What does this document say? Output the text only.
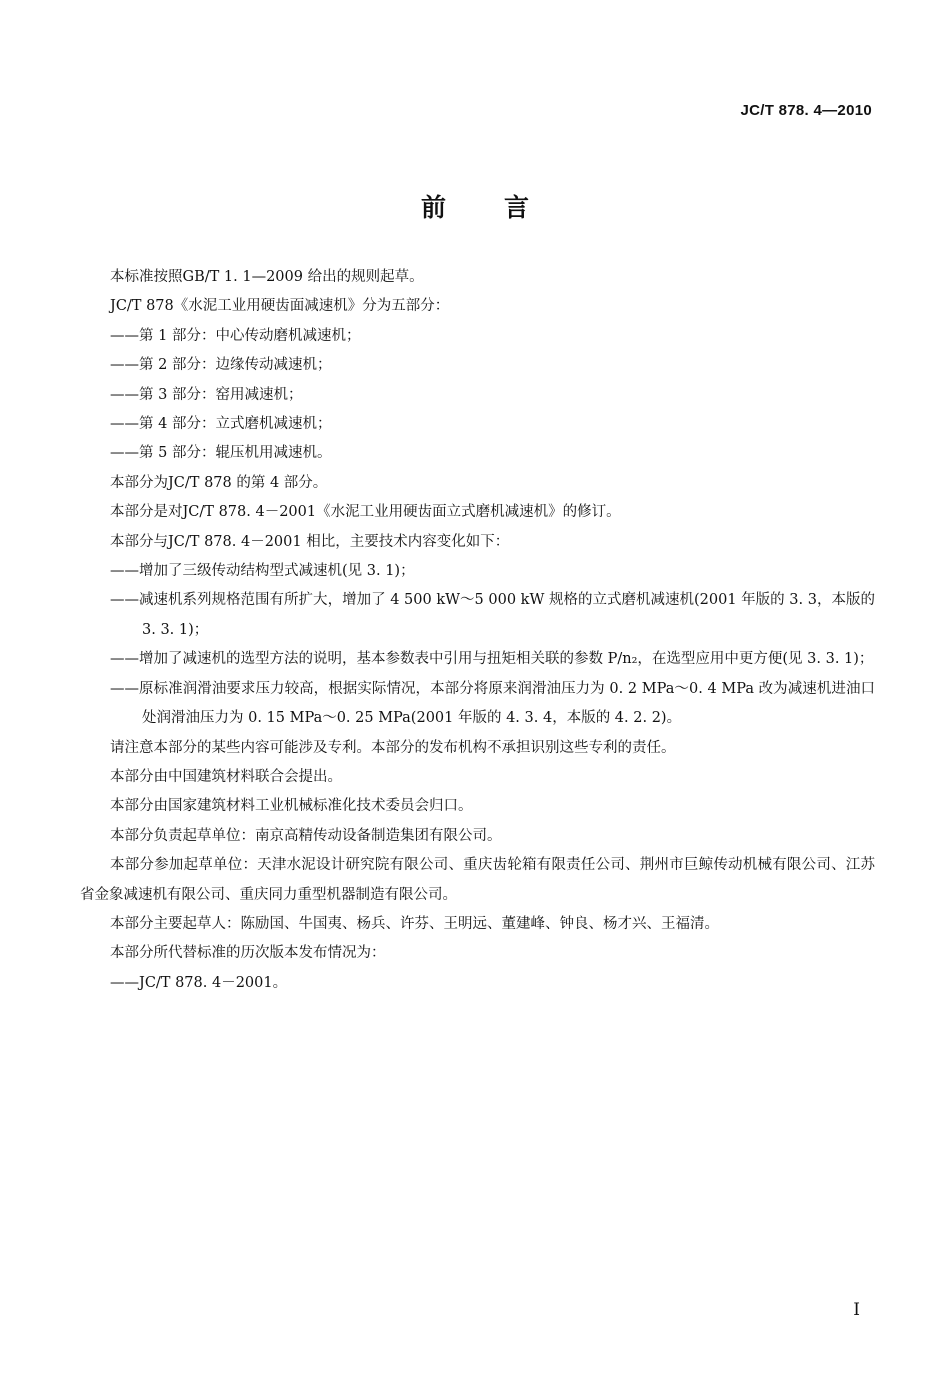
JC/T 878. 4—2010
前言

本标准按照GB/T 1. 1—2009 给出的规则起草。

JC/T 878《水泥工业用硬齿面减速机》分为五部分：

——第 1 部分：中心传动磨机减速机；

——第 2 部分：边缘传动减速机；

——第 3 部分：窑用减速机；

——第 4 部分：立式磨机减速机；

——第 5 部分：辊压机用减速机。

本部分为JC/T 878 的第 4 部分。

本部分是对JC/T 878. 4－2001《水泥工业用硬齿面立式磨机减速机》的修订。

本部分与JC/T 878. 4－2001 相比，主要技术内容变化如下：

——增加了三级传动结构型式减速机(见 3. 1)；

——减速机系列规格范围有所扩大，增加了 4 500 kW～5 000 kW 规格的立式磨机减速机(2001 年版的 3. 3，本版的 3. 3. 1)；

——增加了减速机的选型方法的说明，基本参数表中引用与扭矩相关联的参数 P/n₂，在选型应用中更方便(见 3. 3. 1)；

——原标准润滑油要求压力较高，根据实际情况，本部分将原来润滑油压力为 0. 2 MPa～0. 4 MPa 改为减速机进油口处润滑油压力为 0. 15 MPa～0. 25 MPa(2001 年版的 4. 3. 4，本版的 4. 2. 2)。

请注意本部分的某些内容可能涉及专利。本部分的发布机构不承担识别这些专利的责任。

本部分由中国建筑材料联合会提出。

本部分由国家建筑材料工业机械标准化技术委员会归口。

本部分负责起草单位：南京高精传动设备制造集团有限公司。

本部分参加起草单位：天津水泥设计研究院有限公司、重庆齿轮箱有限责任公司、荆州市巨鲸传动机械有限公司、江苏省金象减速机有限公司、重庆同力重型机器制造有限公司。

本部分主要起草人：陈励国、牛国夷、杨兵、许芬、王明远、董建峰、钟良、杨才兴、王福清。

本部分所代替标准的历次版本发布情况为：

——JC/T 878. 4－2001。

I
